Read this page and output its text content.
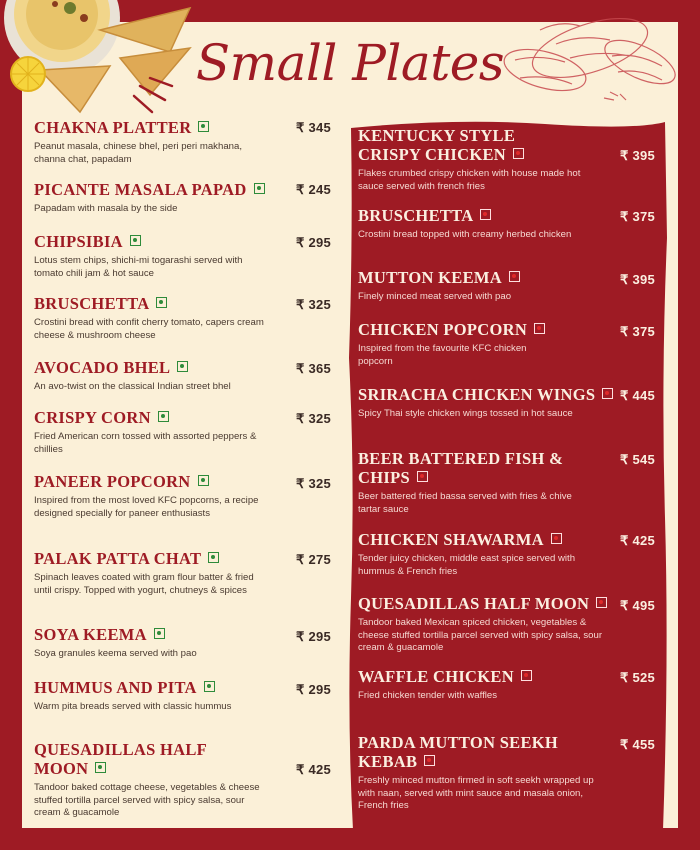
Small Plates
CHAKNA PLATTER
Peanut masala, chinese bhel, peri peri makhana, channa chat, papadam
₹ 345
PICANTE MASALA PAPAD
Papadam with masala by the side
₹ 245
CHIPSIBIA
Lotus stem chips, shichi-mi togarashi served with tomato chili jam & hot sauce
₹ 295
BRUSCHETTA
Crostini bread with confit cherry tomato, capers cream cheese & mushroom cheese
₹ 325
AVOCADO BHEL
An avo-twist on the classical Indian street bhel
₹ 365
CRISPY CORN
Fried American corn tossed with assorted peppers & chillies
₹ 325
PANEER POPCORN
Inspired from the most loved KFC popcorns, a recipe designed specially for paneer enthusiasts
₹ 325
PALAK PATTA CHAT
Spinach leaves coated with gram flour batter & fried until crispy. Topped with yogurt, chutneys & spices
₹ 275
SOYA KEEMA
Soya granules keema served with pao
₹ 295
HUMMUS AND PITA
Warm pita breads served with classic hummus
₹ 295
QUESADILLAS HALF MOON
Tandoor baked cottage cheese, vegetables & cheese stuffed tortilla parcel served with spicy salsa, sour cream & guacamole
₹ 425
KENTUCKY STYLE CRISPY CHICKEN
Flakes crumbed crispy chicken with house made hot sauce served with french fries
₹ 395
BRUSCHETTA
Crostini bread topped with creamy herbed chicken
₹ 375
MUTTON KEEMA
Finely minced meat served with pao
₹ 395
CHICKEN POPCORN
Inspired from the favourite KFC chicken popcorn
₹ 375
SRIRACHA CHICKEN WINGS
Spicy Thai style chicken wings tossed in hot sauce
₹ 445
BEER BATTERED FISH & CHIPS
Beer battered fried bassa served with fries & chive tartar sauce
₹ 545
CHICKEN SHAWARMA
Tender juicy chicken, middle east spice served with hummus & French fries
₹ 425
QUESADILLAS HALF MOON
Tandoor baked Mexican spiced chicken, vegetables & cheese stuffed tortilla parcel served with spicy salsa, sour cream & guacamole
₹ 495
WAFFLE CHICKEN
Fried chicken tender with waffles
₹ 525
PARDA MUTTON SEEKH KEBAB
Freshly minced mutton firmed in soft seekh wrapped up with naan, served with mint sauce and masala onion, French fries
₹ 455
